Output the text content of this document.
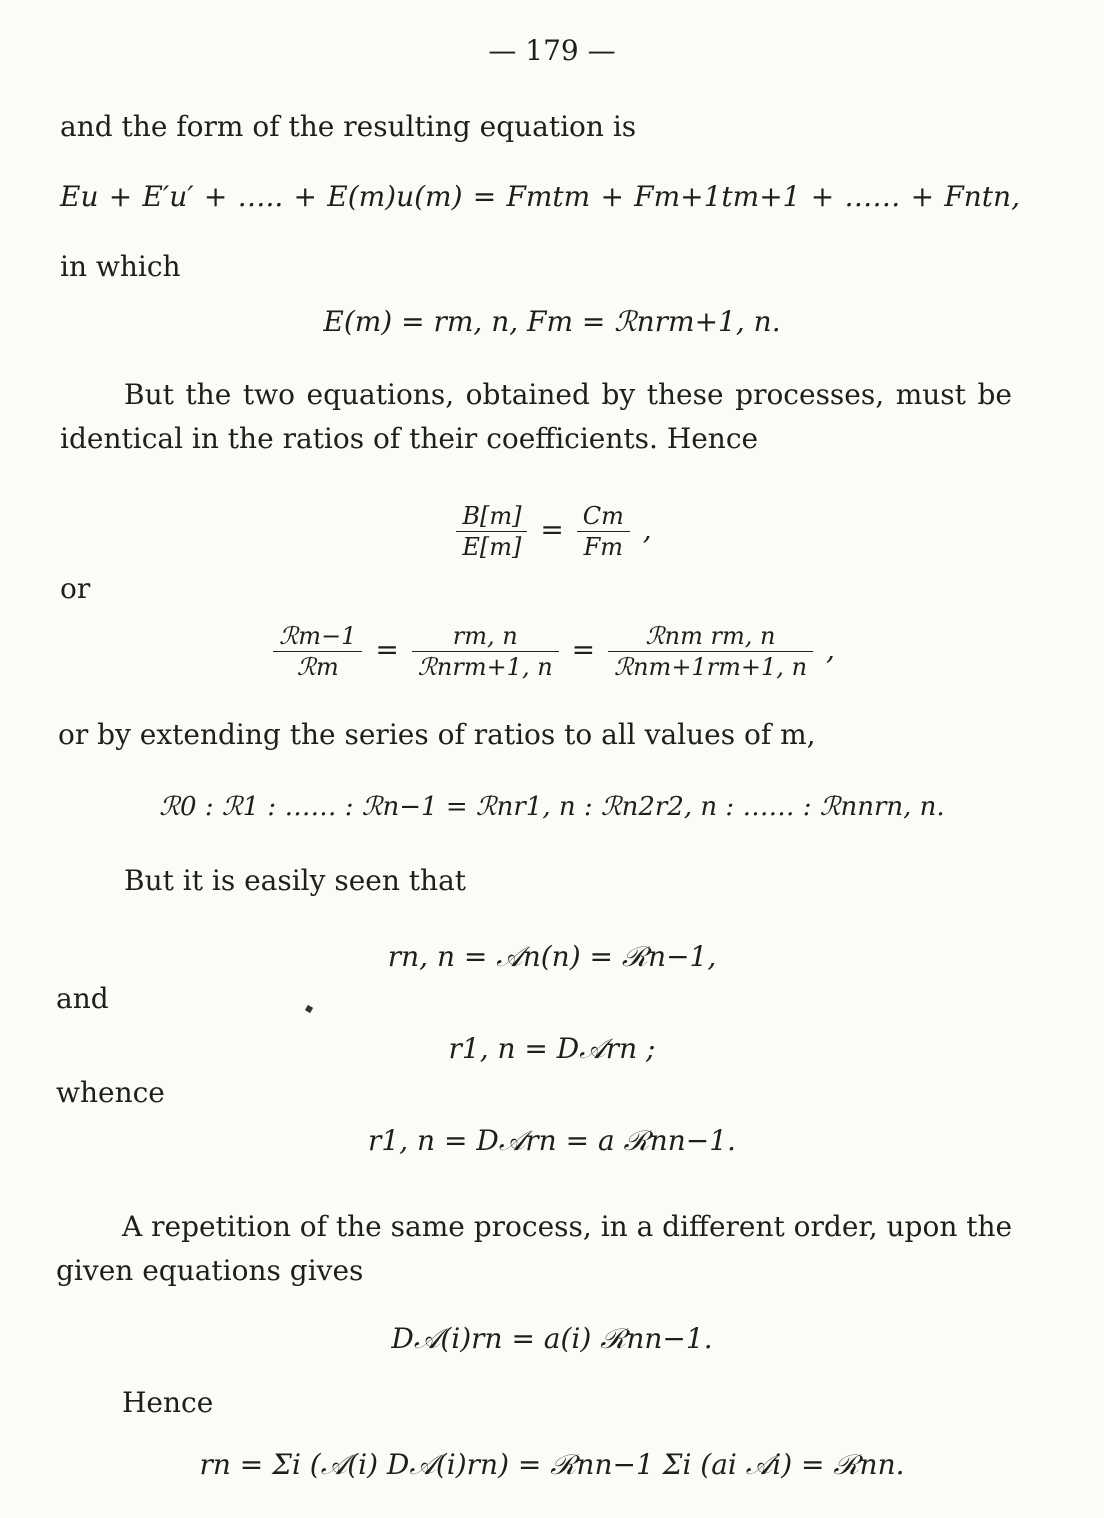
— 179 —
and the form of the resulting equation is
Eu + E′u′ + ….. + E(m)u(m) = Fmtm + Fm+1tm+1 + …… + Fntn,
in which
E(m) = rm, n, Fm = ℛnrm+1, n.
But the two equations, obtained by these processes, must be
identical in the ratios of their coefficients. Hence
$\frac{B[m]}{E[m]} = \frac{Cm}{Fm}$ ,
or
$\frac{\text{ℛm−1}}{\text{ℛm}} = \frac{rm, n}{\text{ℛnrm+1, n}} = \frac{\text{ℛnm rm, n}}{\text{ℛnm+1rm+1, n}}$ ,
or by extending the series of ratios to all values of m,
ℛ0 : ℛ1 : …… : ℛn−1 = ℛnr1, n : ℛn2r2, n : …… : ℛnnrn, n.
But it is easily seen that
rn, n = 𝒜n(n) = ℛn−1,
and
r1, n = D𝒜rn ;
whence
r1, n = D𝒜rn = a ℛnn−1.
A repetition of the same process, in a different order, upon the
given equations gives
D𝒜(i)rn = a(i) ℛnn−1.
Hence
rn = Σi (𝒜(i) D𝒜(i)rn) = ℛnn−1 Σi (ai 𝒜i) = ℛnn.
